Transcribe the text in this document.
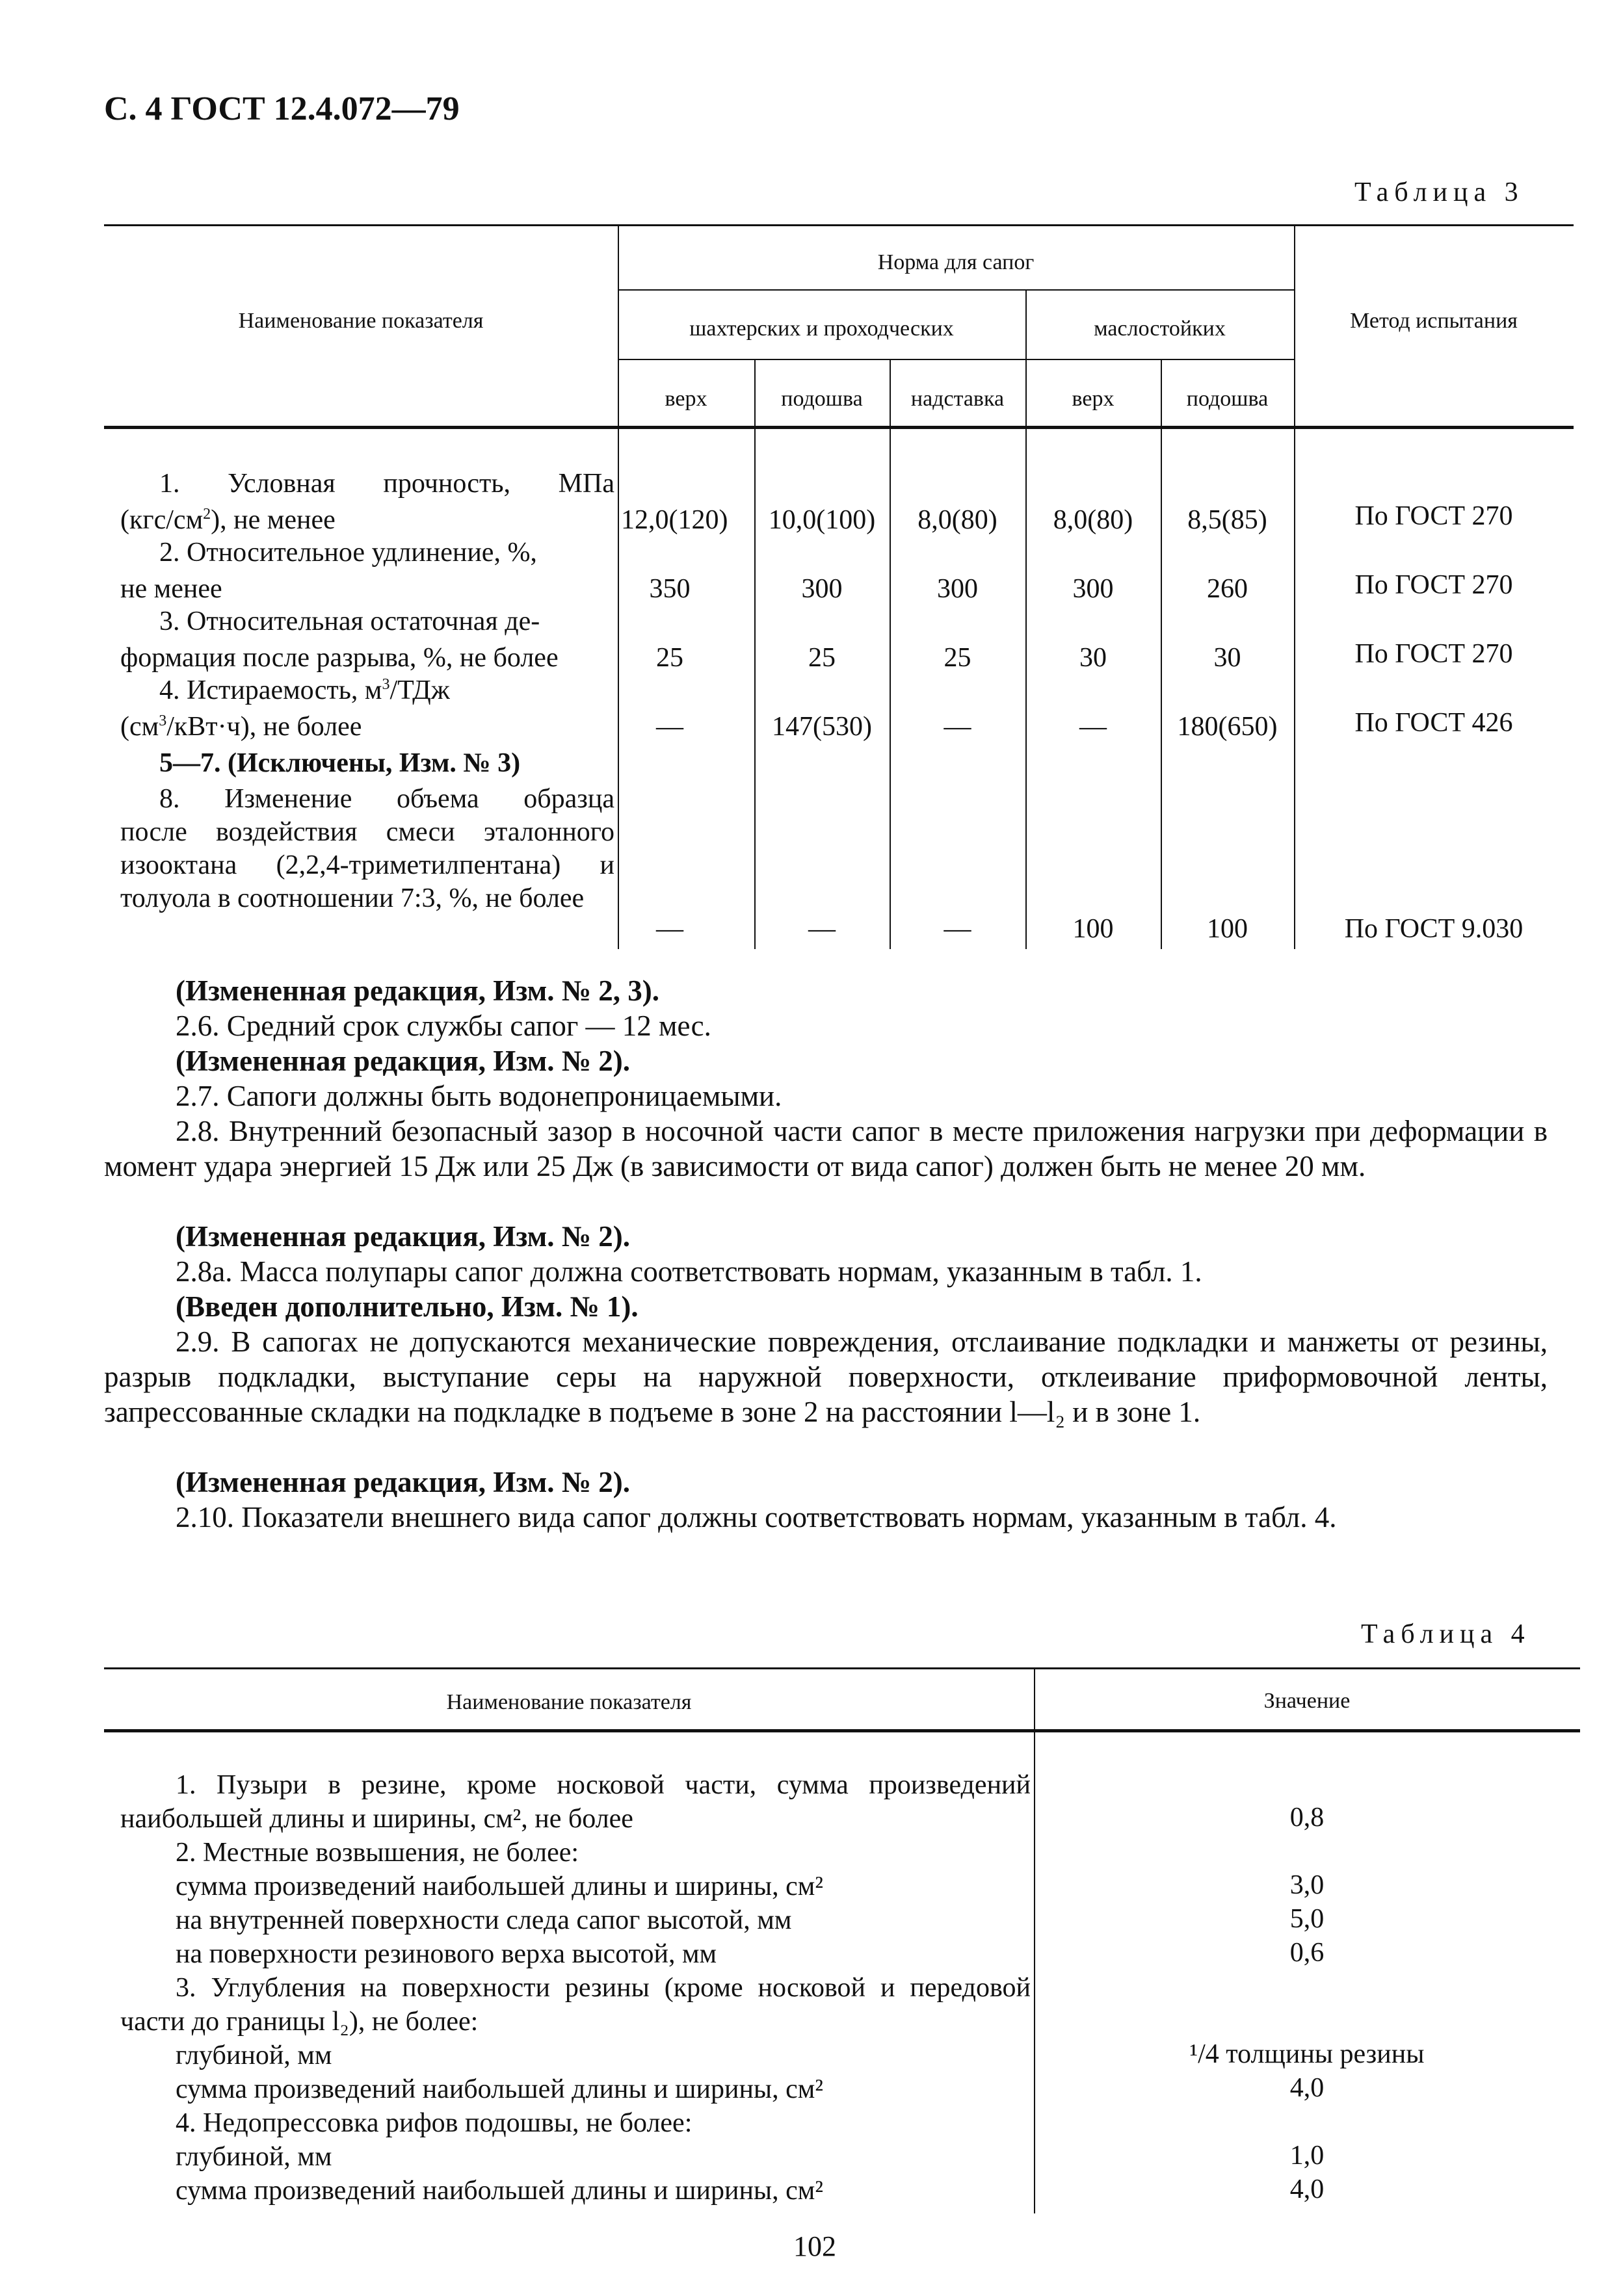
С. 4 ГОСТ 12.4.072—79
Таблица 3
Наименование показателя
Норма для сапог
шахтерских и проходческих	маслостойких	Метод испытания
верх	подошва	надставка	верх	подошва
1. Условная прочность, МПа
$(кгс/см^2)$, не менее	12,0(120)	10,0(100)	8,0(80)	8,0(80)	8,5(85)	По ГОСТ 270
2. Относительное удлинение, %,
не менее	350	300	300	300	260	По ГОСТ 270
3. Относительная остаточная де-
формация после разрыва, %, не более	25	25	25	30	30	По ГОСТ 270
4. Истираемость, $м^3$/ТДж
$(см^3/кВт\cdot ч)$, не более	—	147(530)	—	—	180(650)	По ГОСТ 426
5—7. (Исключены, Изм. № 3)
8. Изменение объема образца
после воздействия смеси эталонного изооктана (2,2,4-триметилпентана) и толуола в соотношении 7:3, %, не более
—	—	—	100	100	По ГОСТ 9.030
(Измененная редакция, Изм. № 2, 3).
2.6. Средний срок службы сапог — 12 мес.
(Измененная редакция, Изм. № 2).
2.7. Сапоги должны быть водонепроницаемыми.
2.8. Внутренний безопасный зазор в носочной части сапог в месте приложения нагрузки при деформации в момент удара энергией 15 Дж или 25 Дж (в зависимости от вида сапог) должен быть не менее 20 мм.
(Измененная редакция, Изм. № 2).
2.8а. Масса полупары сапог должна соответствовать нормам, указанным в табл. 1.
(Введен дополнительно, Изм. № 1).
2.9. В сапогах не допускаются механические повреждения, отслаивание подкладки и манжеты от резины, разрыв подкладки, выступание серы на наружной поверхности, отклеивание приформовочной ленты, запрессованные складки на подкладке в подъеме в зоне 2 на расстоянии l—l₂ и в зоне 1.
(Измененная редакция, Изм. № 2).
2.10. Показатели внешнего вида сапог должны соответствовать нормам, указанным в табл. 4.
Таблица 4
Наименование показателя	Значение
1. Пузыри в резине, кроме носковой части, сумма произведений наибольшей длины и ширины, см², не более	0,8
2. Местные возвышения, не более:
сумма произведений наибольшей длины и ширины, см²	3,0
на внутренней поверхности следа сапог высотой, мм	5,0
на поверхности резинового верха высотой, мм	0,6
3. Углубления на поверхности резины (кроме носковой и передовой части до границы l₂), не более:
глубиной, мм	¹/4 толщины резины
сумма произведений наибольшей длины и ширины, см²	4,0
4. Недопрессовка рифов подошвы, не более:
глубиной, мм	1,0
сумма произведений наибольшей длины и ширины, см²	4,0
102
